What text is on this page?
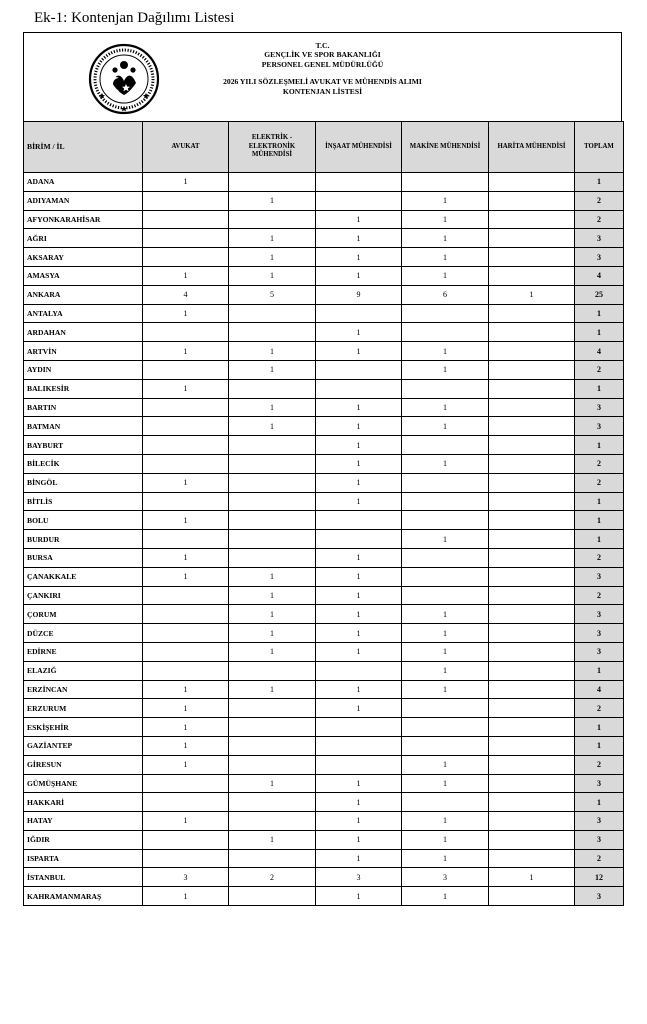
Ek-1: Kontenjan Dağılımı Listesi
T.C.
GENÇLİK VE SPOR BAKANLIĞI
PERSONEL GENEL MÜDÜRLÜĞÜ
2026 YILI SÖZLEŞMELİ AVUKAT VE MÜHENDİS ALIMI
KONTENJAN LİSTESİ
BİRİM / İL	AVUKAT	ELEKTRİK - ELEKTRONİK MÜHENDİSİ	İNŞAAT MÜHENDİSİ	MAKİNE MÜHENDİSİ	HARİTA MÜHENDİSİ	TOPLAM
ADANA	1					1
ADIYAMAN		1		1		2
AFYONKARAHİSAR			1	1		2
AĞRI		1	1	1		3
AKSARAY		1	1	1		3
AMASYA	1	1	1	1		4
ANKARA	4	5	9	6	1	25
ANTALYA	1					1
ARDAHAN			1			1
ARTVİN	1	1	1	1		4
AYDIN		1		1		2
BALIKESİR	1					1
BARTIN		1	1	1		3
BATMAN		1	1	1		3
BAYBURT			1			1
BİLECİK			1	1		2
BİNGÖL	1		1			2
BİTLİS			1			1
BOLU	1					1
BURDUR				1		1
BURSA	1		1			2
ÇANAKKALE	1	1	1			3
ÇANKIRI		1	1			2
ÇORUM		1	1	1		3
DÜZCE		1	1	1		3
EDİRNE		1	1	1		3
ELAZIĞ				1		1
ERZİNCAN	1	1	1	1		4
ERZURUM	1		1			2
ESKİŞEHİR	1					1
GAZİANTEP	1					1
GİRESUN	1			1		2
GÜMÜŞHANE		1	1	1		3
HAKKARİ			1			1
HATAY	1		1	1		3
IĞDIR		1	1	1		3
ISPARTA			1	1		2
İSTANBUL	3	2	3	3	1	12
KAHRAMANMARAŞ	1		1	1		3
